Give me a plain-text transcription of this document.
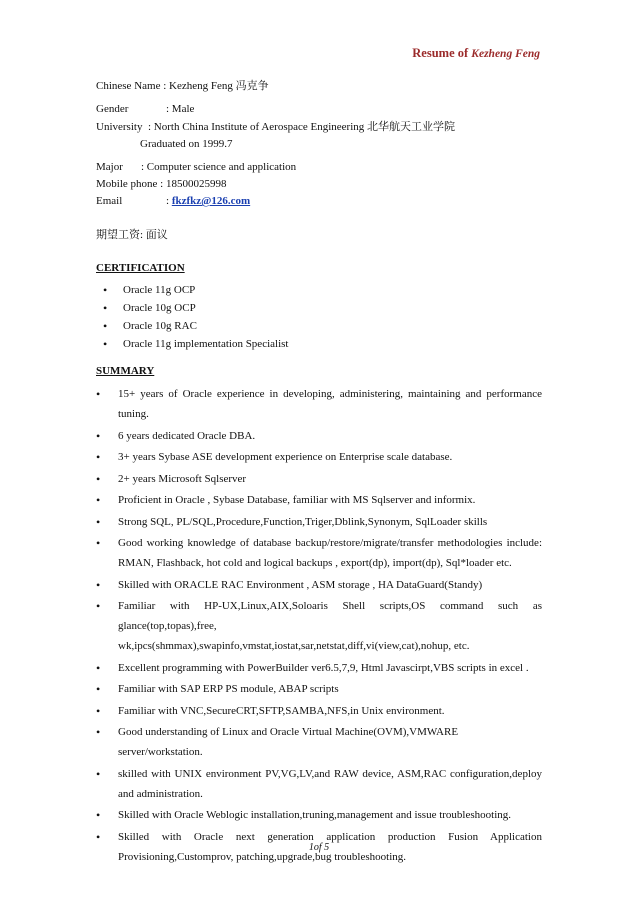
Resume of Kezheng Feng
Chinese Name : Kezheng Feng 冯克争
Gender	: Male
University : North China Institute of Aerospace Engineering 北华航天工业学院
Graduated on 1999.7
Major : Computer science and application
Mobile phone : 18500025998
Email	: fkzfkz@126.com
期望工资: 面议
CERTIFICATION
• Oracle 11g OCP
• Oracle 10g OCP
• Oracle 10g RAC
• Oracle 11g implementation Specialist
SUMMARY
• 15+ years of Oracle experience in developing, administering, maintaining and performance tuning.
• 6 years dedicated Oracle DBA.
• 3+ years Sybase ASE development experience on Enterprise scale database.
• 2+ years Microsoft Sqlserver
• Proficient in Oracle , Sybase Database, familiar with MS Sqlserver and informix.
• Strong SQL, PL/SQL,Procedure,Function,Triger,Dblink,Synonym, SqlLoader skills
• Good working knowledge of database backup/restore/migrate/transfer methodologies include: RMAN, Flashback, hot cold and logical backups , export(dp), import(dp), Sql*loader etc.
• Skilled with ORACLE RAC Environment , ASM storage , HA DataGuard(Standy)
• Familiar with HP-UX,Linux,AIX,Soloaris Shell scripts,OS command such as glance(top,topas),free, wk,ipcs(shmmax),swapinfo,vmstat,iostat,sar,netstat,diff,vi(view,cat),nohup, etc.
• Excellent programming with PowerBuilder ver6.5,7,9, Html Javascirpt,VBS scripts in excel .
• Familiar with SAP ERP PS module, ABAP scripts
• Familiar with VNC,SecureCRT,SFTP,SAMBA,NFS,in Unix environment.
• Good understanding of Linux and Oracle Virtual Machine(OVM),VMWARE server/workstation.
• skilled with UNIX environment PV,VG,LV,and RAW device, ASM,RAC configuration,deploy and administration.
• Skilled with Oracle Weblogic installation,truning,management and issue troubleshooting.
• Skilled with Oracle next generation application production Fusion Application Provisioning,Customprov, patching,upgrade,bug troubleshooting.
1of 5
